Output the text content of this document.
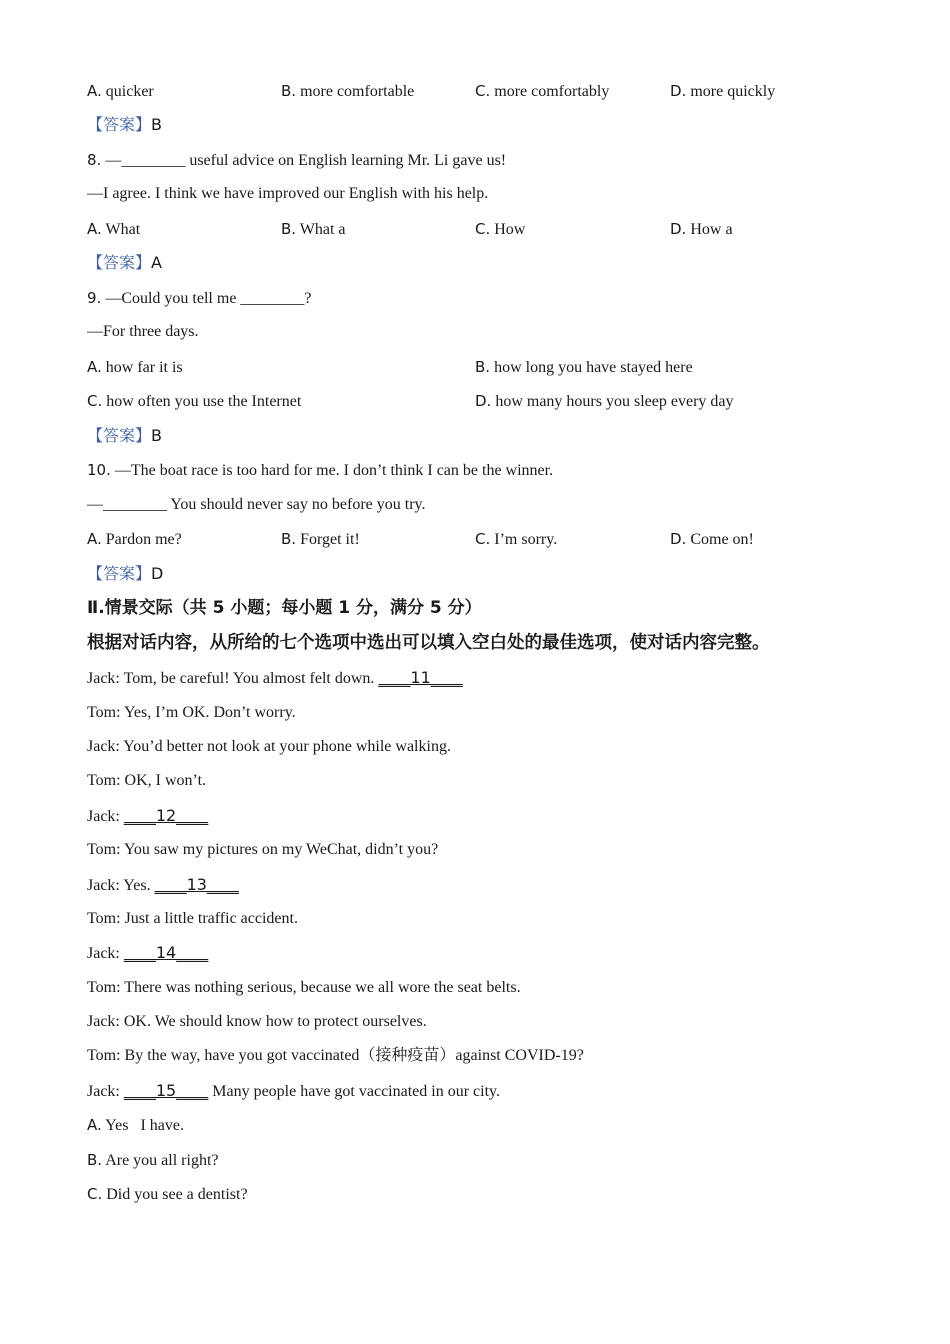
A. quicker	B. more comfortable	C. more comfortably	D. more quickly
【答案】B
8. —________ useful advice on English learning Mr. Li gave us!
—I agree. I think we have improved our English with his help.
A. What	B. What a	C. How	D. How a
【答案】A
9. —Could you tell me ________?
—For three days.
A. how far it is	B. how long you have stayed here
C. how often you use the Internet	D. how many hours you sleep every day
【答案】B
10. —The boat race is too hard for me. I don’t think I can be the winner.
—________ You should never say no before you try.
A. Pardon me?	B. Forget it!	C. I’m sorry.	D. Come on!
【答案】D
Ⅱ.情景交际（共 5 小题；每小题 1 分，满分 5 分）
根据对话内容，从所给的七个选项中选出可以填入空白处的最佳选项，使对话内容完整。
Jack: Tom, be careful! You almost felt down. ____11____
Tom: Yes, I’m OK. Don’t worry.
Jack: You’d better not look at your phone while walking.
Tom: OK, I won’t.
Jack: ____12____
Tom: You saw my pictures on my WeChat, didn’t you?
Jack: Yes. ____13____
Tom: Just a little traffic accident.
Jack: ____14____
Tom: There was nothing serious, because we all wore the seat belts.
Jack: OK. We should know how to protect ourselves.
Tom: By the way, have you got vaccinated（接种疫苗）against COVID-19?
Jack: ____15____ Many people have got vaccinated in our city.
A. Yes   I have.
B. Are you all right?
C. Did you see a dentist?
